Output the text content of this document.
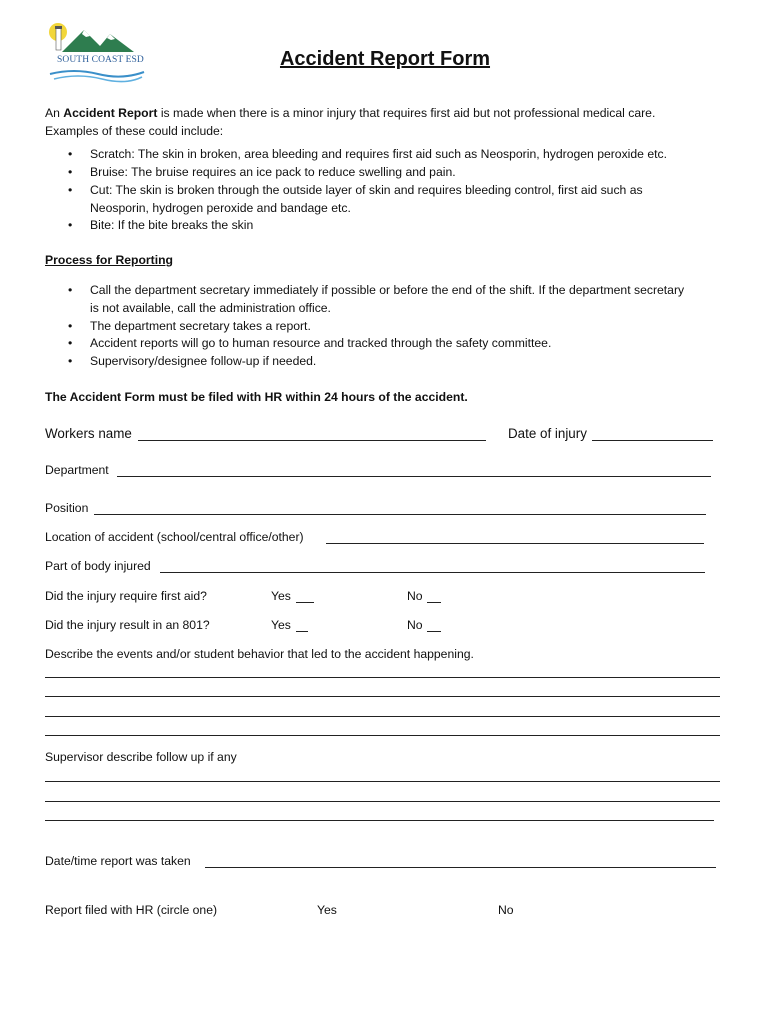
SOUTH COAST ESD	Accident Report Form
An Accident Report is made when there is a minor injury that requires first aid but not professional medical care.
Examples of these could include:
• Scratch: The skin in broken, area bleeding and requires first aid such as Neosporin, hydrogen peroxide etc.
• Bruise: The bruise requires an ice pack to reduce swelling and pain.
• Cut: The skin is broken through the outside layer of skin and requires bleeding control, first aid such as
Neosporin, hydrogen peroxide and bandage etc.
• Bite: If the bite breaks the skin
Process for Reporting
• Call the department secretary immediately if possible or before the end of the shift. If the department secretary
is not available, call the administration office.
• The department secretary takes a report.
• Accident reports will go to human resource and tracked through the safety committee.
• Supervisory/designee follow-up if needed.
The Accident Form must be filed with HR within 24 hours of the accident.
Workers name	Date of injury
Department
Position
Location of accident (school/central office/other)
Part of body injured
Did the injury require first aid?	Yes	No
Did the injury result in an 801?	Yes	No
Describe the events and/or student behavior that led to the accident happening.
Supervisor describe follow up if any
Date/time report was taken
Report filed with HR (circle one)	Yes	No
